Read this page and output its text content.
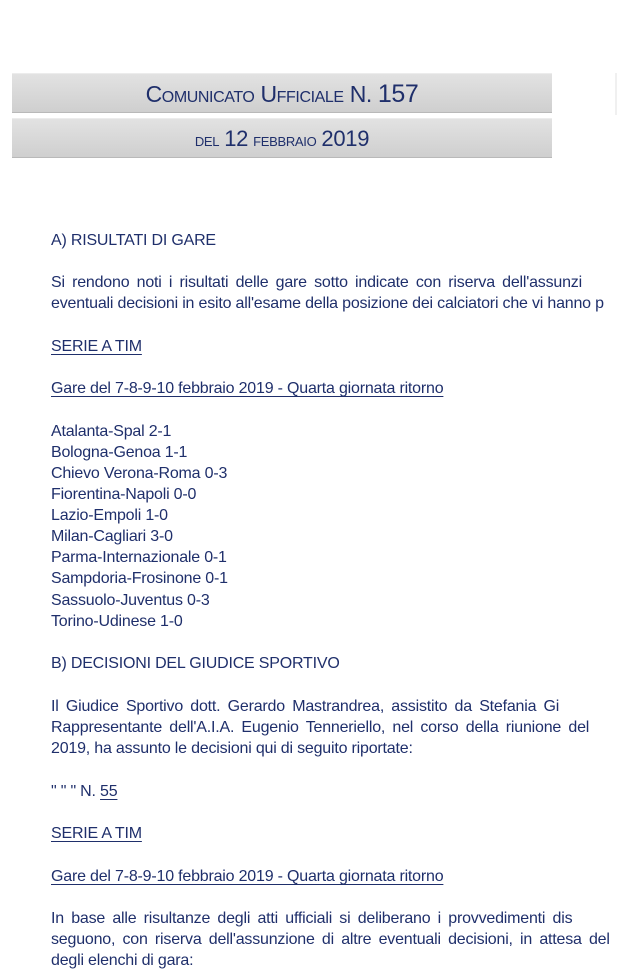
Comunicato Ufficiale N. 157
del 12 febbraio 2019
A) RISULTATI DI GARE
Si rendono noti i risultati delle gare sotto indicate con riserva dell'assunzi
eventuali decisioni in esito all'esame della posizione dei calciatori che vi hanno p
SERIE A TIM
Gare del 7-8-9-10 febbraio 2019 - Quarta giornata ritorno
Atalanta-Spal 2-1
Bologna-Genoa 1-1
Chievo Verona-Roma 0-3
Fiorentina-Napoli 0-0
Lazio-Empoli 1-0
Milan-Cagliari 3-0
Parma-Internazionale 0-1
Sampdoria-Frosinone 0-1
Sassuolo-Juventus 0-3
Torino-Udinese 1-0
B) DECISIONI DEL GIUDICE SPORTIVO
Il Giudice Sportivo dott. Gerardo Mastrandrea, assistito da Stefania Gi
Rappresentante dell'A.I.A. Eugenio Tenneriello, nel corso della riunione del
2019, ha assunto le decisioni qui di seguito riportate:
" " " N. 55
SERIE A TIM
Gare del 7-8-9-10 febbraio 2019 - Quarta giornata ritorno
In base alle risultanze degli atti ufficiali si deliberano i provvedimenti dis
seguono, con riserva dell'assunzione di altre eventuali decisioni, in attesa del
degli elenchi di gara:
